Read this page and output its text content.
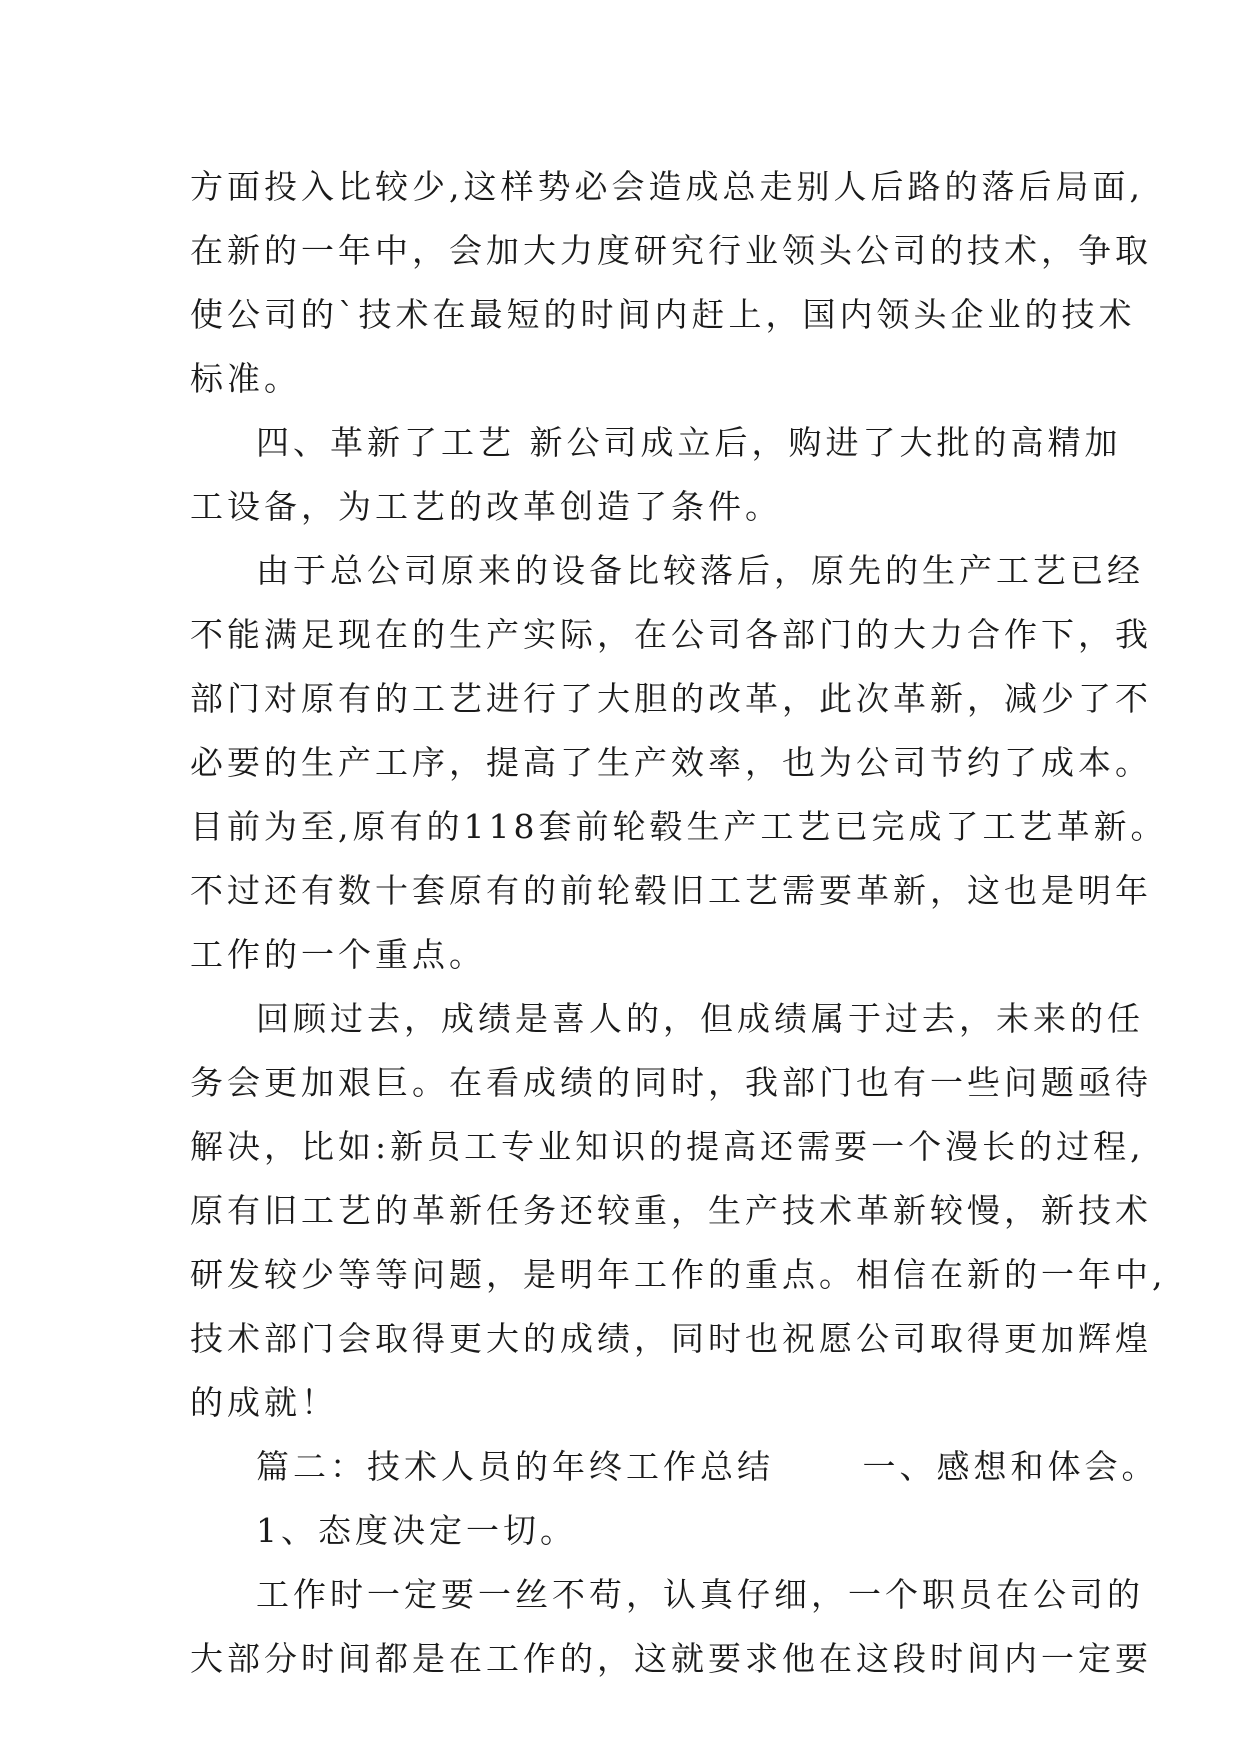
方面投入比较少,这样势必会造成总走别人后路的落后局面,
在新的一年中，会加大力度研究行业领头公司的技术，争取
使公司的`技术在最短的时间内赶上，国内领头企业的技术
标准。
四、革新了工艺 新公司成立后，购进了大批的高精加
工设备，为工艺的改革创造了条件。
由于总公司原来的设备比较落后，原先的生产工艺已经
不能满足现在的生产实际，在公司各部门的大力合作下，我
部门对原有的工艺进行了大胆的改革，此次革新，减少了不
必要的生产工序，提高了生产效率，也为公司节约了成本。
目前为至,原有的118套前轮毂生产工艺已完成了工艺革新。
不过还有数十套原有的前轮毂旧工艺需要革新，这也是明年
工作的一个重点。
回顾过去，成绩是喜人的，但成绩属于过去，未来的任
务会更加艰巨。在看成绩的同时，我部门也有一些问题亟待
解决，比如:新员工专业知识的提高还需要一个漫长的过程,
原有旧工艺的革新任务还较重，生产技术革新较慢，新技术
研发较少等等问题，是明年工作的重点。相信在新的一年中,
技术部门会取得更大的成绩，同时也祝愿公司取得更加辉煌
的成就！
篇二：技术人员的年终工作总结　　 一、感想和体会。
1、态度决定一切。
工作时一定要一丝不苟，认真仔细，一个职员在公司的
大部分时间都是在工作的，这就要求他在这段时间内一定要
